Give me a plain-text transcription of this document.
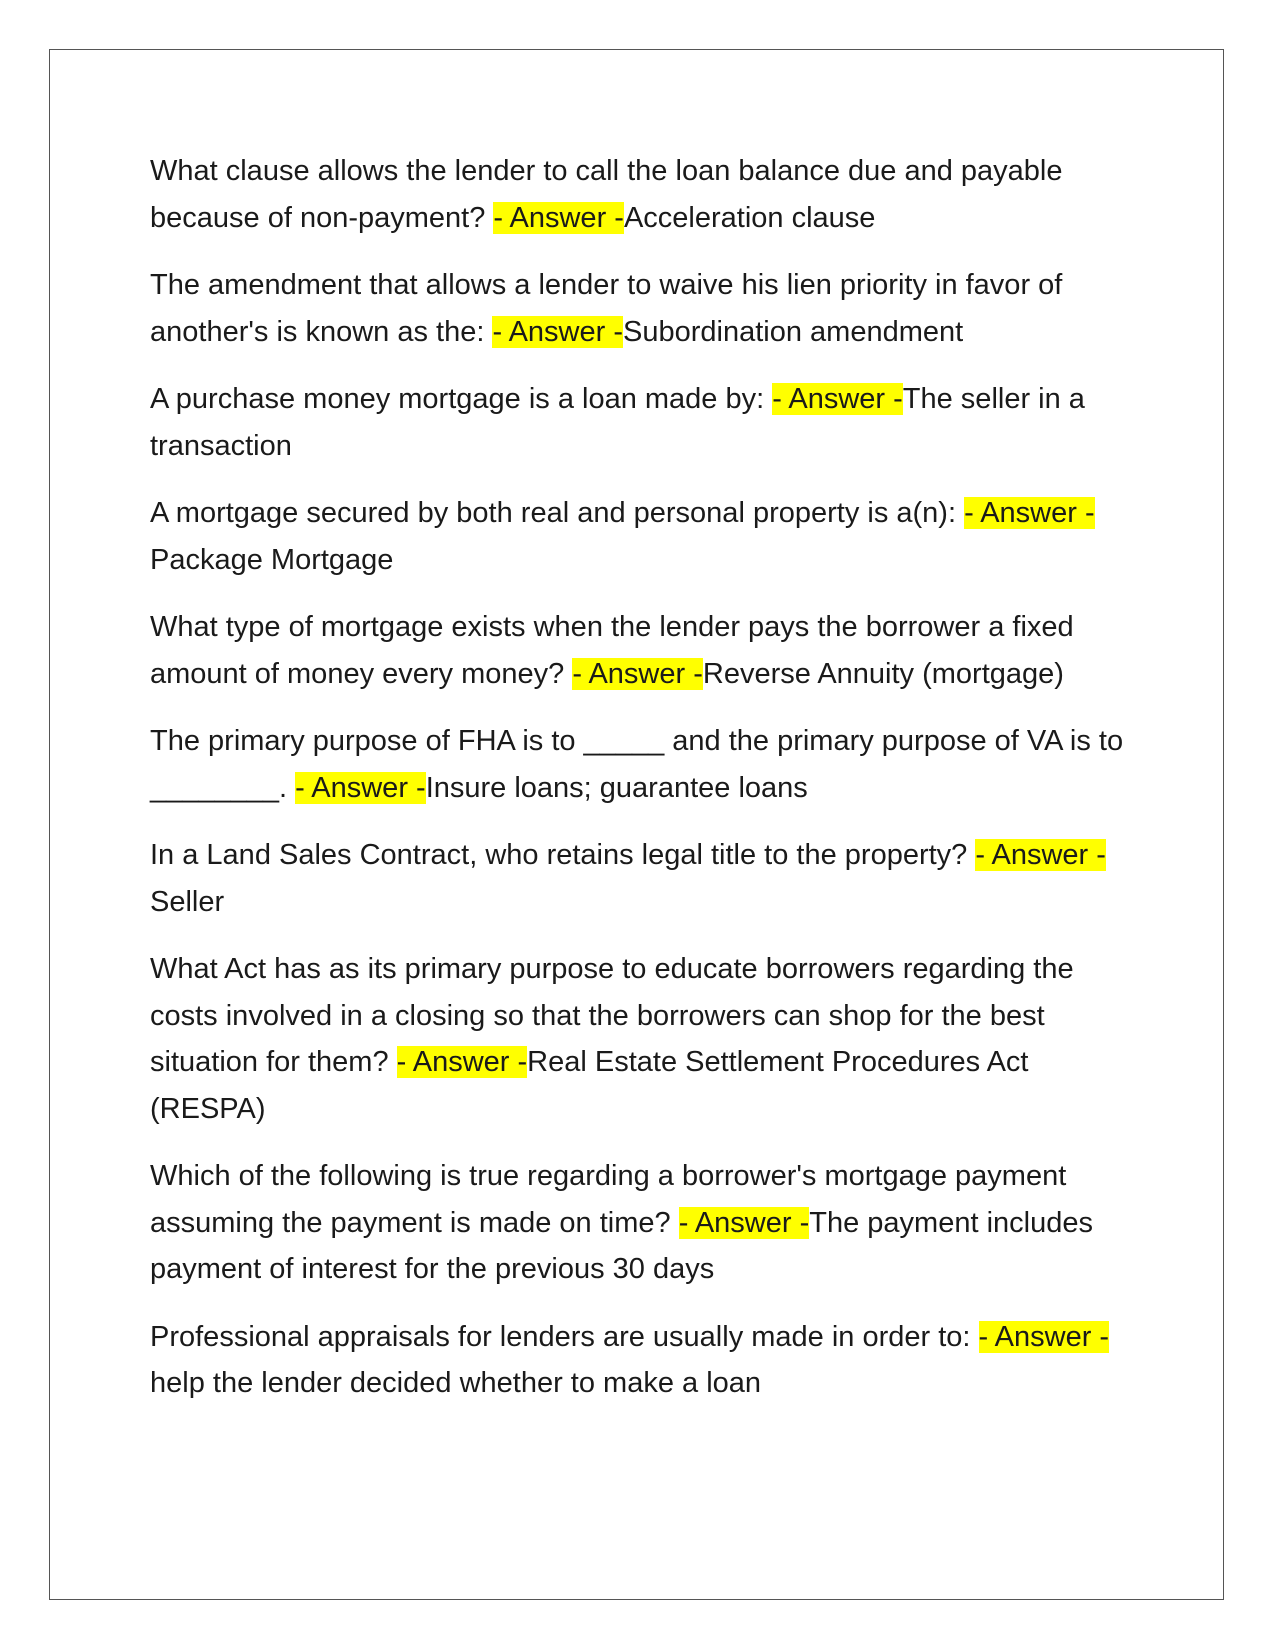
What clause allows the lender to call the loan balance due and payable because of non-payment? - Answer -Acceleration clause

The amendment that allows a lender to waive his lien priority in favor of another's is known as the: - Answer -Subordination amendment

A purchase money mortgage is a loan made by: - Answer -The seller in a transaction

A mortgage secured by both real and personal property is a(n): - Answer -Package Mortgage

What type of mortgage exists when the lender pays the borrower a fixed amount of money every money? - Answer -Reverse Annuity (mortgage)

The primary purpose of FHA is to _____ and the primary purpose of VA is to ________. - Answer -Insure loans; guarantee loans

In a Land Sales Contract, who retains legal title to the property? - Answer -Seller

What Act has as its primary purpose to educate borrowers regarding the costs involved in a closing so that the borrowers can shop for the best situation for them? - Answer -Real Estate Settlement Procedures Act (RESPA)

Which of the following is true regarding a borrower's mortgage payment assuming the payment is made on time? - Answer -The payment includes payment of interest for the previous 30 days

Professional appraisals for lenders are usually made in order to: - Answer -help the lender decided whether to make a loan
